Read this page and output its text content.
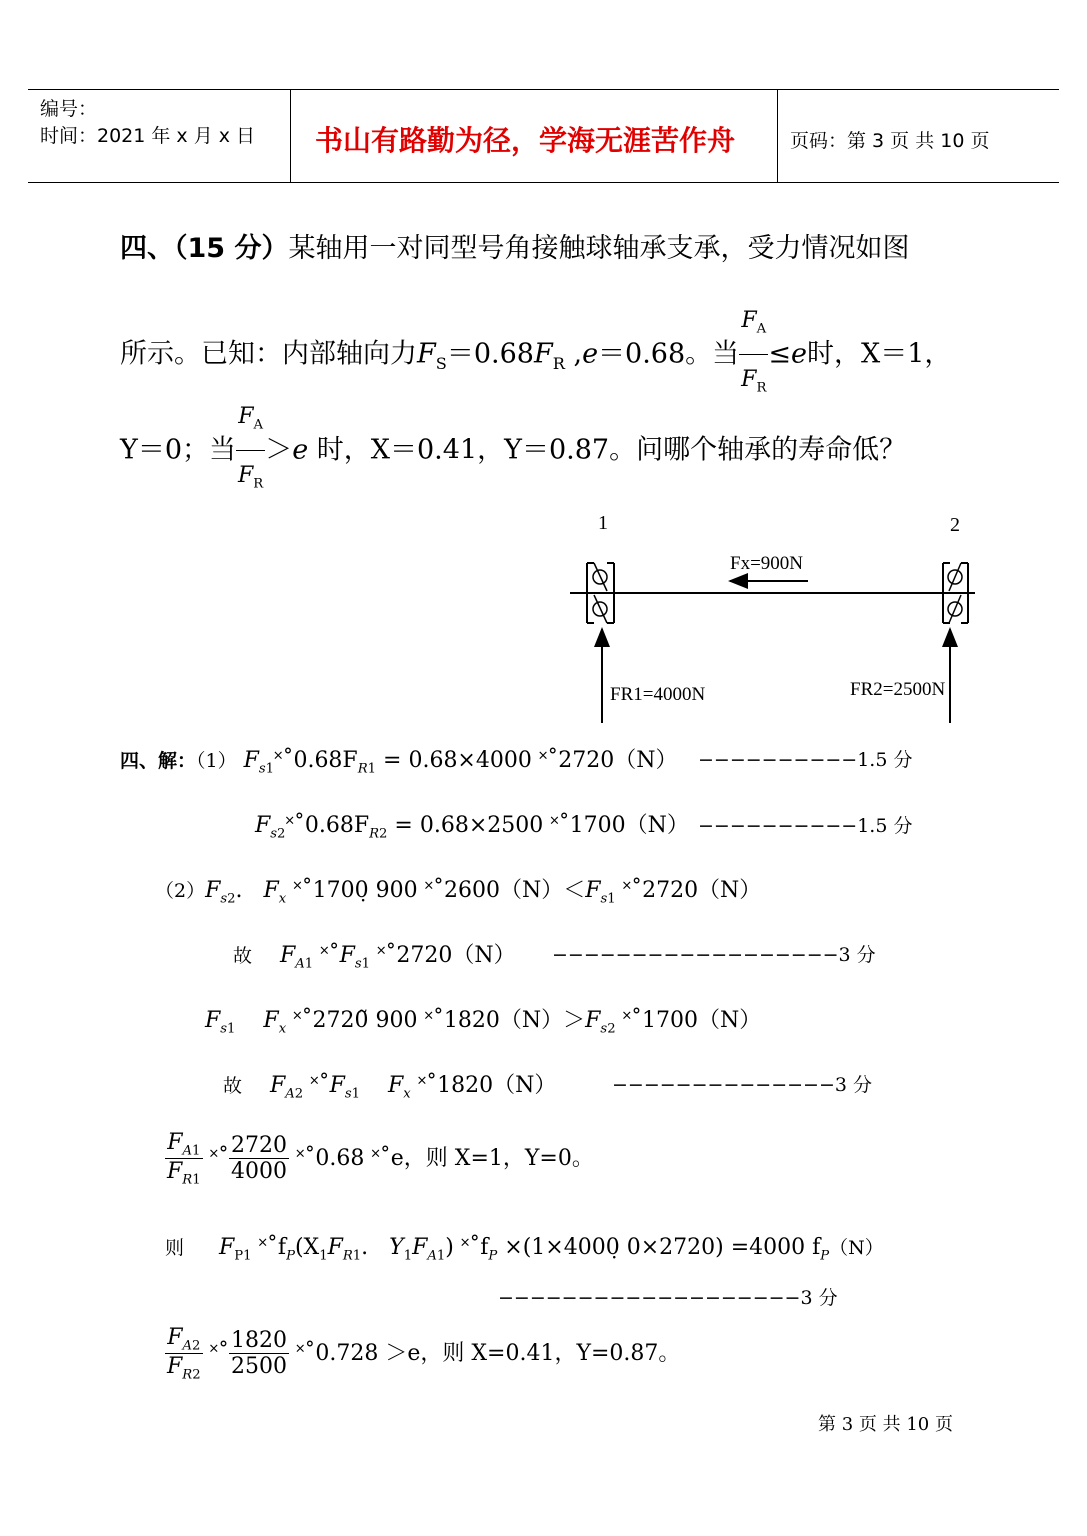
编号：
时间：2021 年 x 月 x 日 书山有路勤为径，学海无涯苦作舟	页码：第 3 页 共 10 页
四、（15 分）某轴用一对同型号角接触球轴承支承，受力情况如图
所示。已知：内部轴向力$F_S=0.68F_R$ ,e＝0.68。当 $\frac{F_A}{F_R} \le e$时，X＝1，
Y＝0；当 $\frac{F_A}{F_R} >e$ 时，X＝0.41，Y＝0.87。问哪个轴承的寿命低？
1	2
Fx=900N
FR1=4000N	FR2=2500N
四、解：（1） $F_{s1}˟˚0.68F_{R1} = 0.68\times 4000$ ˟˚2720（N） −−−−−−−−−−1.5 分
$F_{s2}˟˚0.68F_{R2} = 0.68\times 2500$ ˟˚1700（N） −−−−−−−−−−1.5 分
$(2)F_{s2}$.   $F_x$ ˟˚1700̣ 900 $˟˚2600(N)<F_{s1}$ ˟˚2720（N）
故 $F_{A1}$ $˟˚F_{s1}$ ˟˚2720（N） −−−−−−−−−−−−−−−−−−3 分
$F_{s1}$ $F_x$ ˟˚2720̃ 900 $˟˚1820(N)>F_{s2}$ ˟˚1700（N）
故 $F_{A2}$ $˟˚F_{s1}$ $F_x$ ˟˚1820（N）	−−−−−−−−−−−−−−3 分
$\frac{F_{A1}}{F_{R1}}$ ˟˚ $\frac{2720}{4000}$ ˟˚0.68 ˟˚e，则 X=1，Y=0。
则 $F_{P1}$ $˟˚f_P(X_1F_{R1}$.   $Y_1F_{A1}$) $˟˚f_P$ ×(1×4000̣ 0×2720) =4000 $f_P(N)$
−−−−−−−−−−−−−−−−−−−3 分
$\frac{F_{A2}}{F_{R2}}$ ˟˚ $\frac{1820}{2500}$ ˟˚0.728 ＞e，则 X=0.41，Y=0.87。
第 3 页 共 10 页
